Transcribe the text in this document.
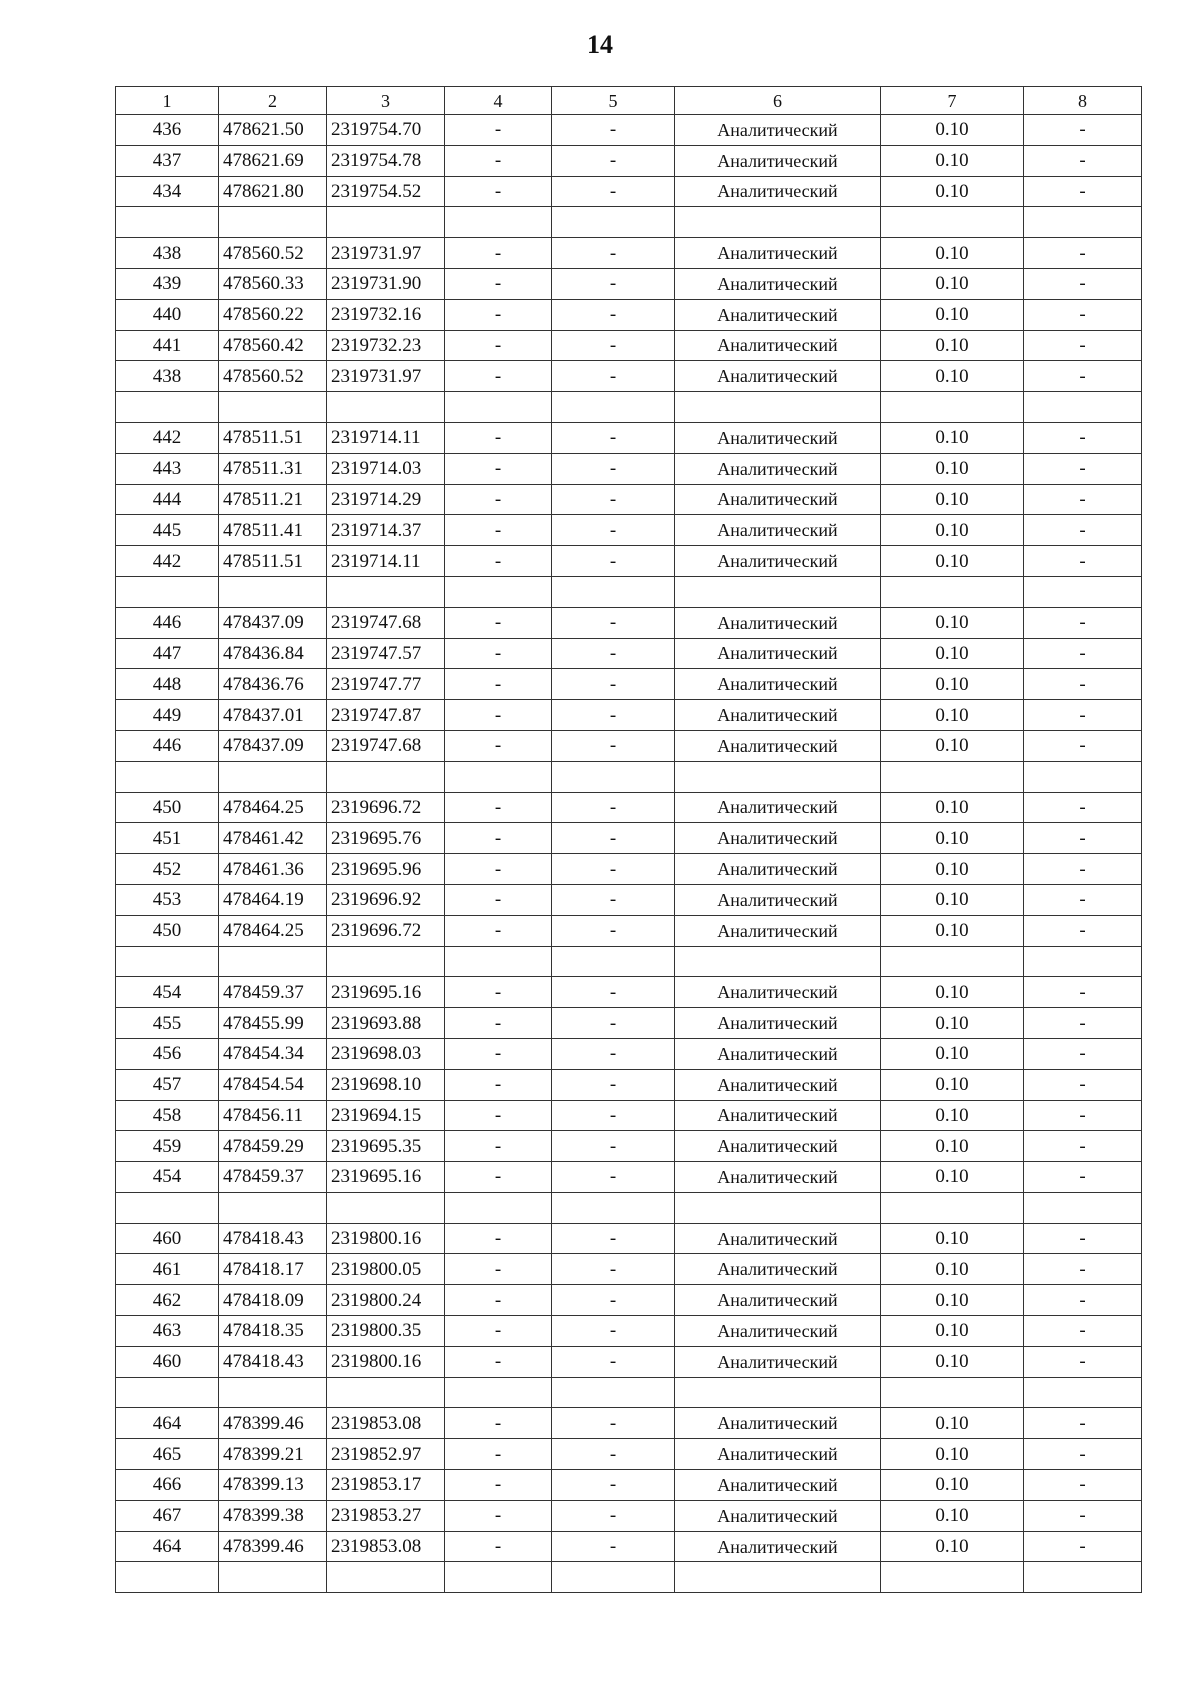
14
1	2	3	4	5	6	7	8
436	478621.50	2319754.70	-	-	Аналитический	0.10	-
437	478621.69	2319754.78	-	-	Аналитический	0.10	-
434	478621.80	2319754.52	-	-	Аналитический	0.10	-

438	478560.52	2319731.97	-	-	Аналитический	0.10	-
439	478560.33	2319731.90	-	-	Аналитический	0.10	-
440	478560.22	2319732.16	-	-	Аналитический	0.10	-
441	478560.42	2319732.23	-	-	Аналитический	0.10	-
438	478560.52	2319731.97	-	-	Аналитический	0.10	-

442	478511.51	2319714.11	-	-	Аналитический	0.10	-
443	478511.31	2319714.03	-	-	Аналитический	0.10	-
444	478511.21	2319714.29	-	-	Аналитический	0.10	-
445	478511.41	2319714.37	-	-	Аналитический	0.10	-
442	478511.51	2319714.11	-	-	Аналитический	0.10	-

446	478437.09	2319747.68	-	-	Аналитический	0.10	-
447	478436.84	2319747.57	-	-	Аналитический	0.10	-
448	478436.76	2319747.77	-	-	Аналитический	0.10	-
449	478437.01	2319747.87	-	-	Аналитический	0.10	-
446	478437.09	2319747.68	-	-	Аналитический	0.10	-

450	478464.25	2319696.72	-	-	Аналитический	0.10	-
451	478461.42	2319695.76	-	-	Аналитический	0.10	-
452	478461.36	2319695.96	-	-	Аналитический	0.10	-
453	478464.19	2319696.92	-	-	Аналитический	0.10	-
450	478464.25	2319696.72	-	-	Аналитический	0.10	-

454	478459.37	2319695.16	-	-	Аналитический	0.10	-
455	478455.99	2319693.88	-	-	Аналитический	0.10	-
456	478454.34	2319698.03	-	-	Аналитический	0.10	-
457	478454.54	2319698.10	-	-	Аналитический	0.10	-
458	478456.11	2319694.15	-	-	Аналитический	0.10	-
459	478459.29	2319695.35	-	-	Аналитический	0.10	-
454	478459.37	2319695.16	-	-	Аналитический	0.10	-

460	478418.43	2319800.16	-	-	Аналитический	0.10	-
461	478418.17	2319800.05	-	-	Аналитический	0.10	-
462	478418.09	2319800.24	-	-	Аналитический	0.10	-
463	478418.35	2319800.35	-	-	Аналитический	0.10	-
460	478418.43	2319800.16	-	-	Аналитический	0.10	-

464	478399.46	2319853.08	-	-	Аналитический	0.10	-
465	478399.21	2319852.97	-	-	Аналитический	0.10	-
466	478399.13	2319853.17	-	-	Аналитический	0.10	-
467	478399.38	2319853.27	-	-	Аналитический	0.10	-
464	478399.46	2319853.08	-	-	Аналитический	0.10	-
